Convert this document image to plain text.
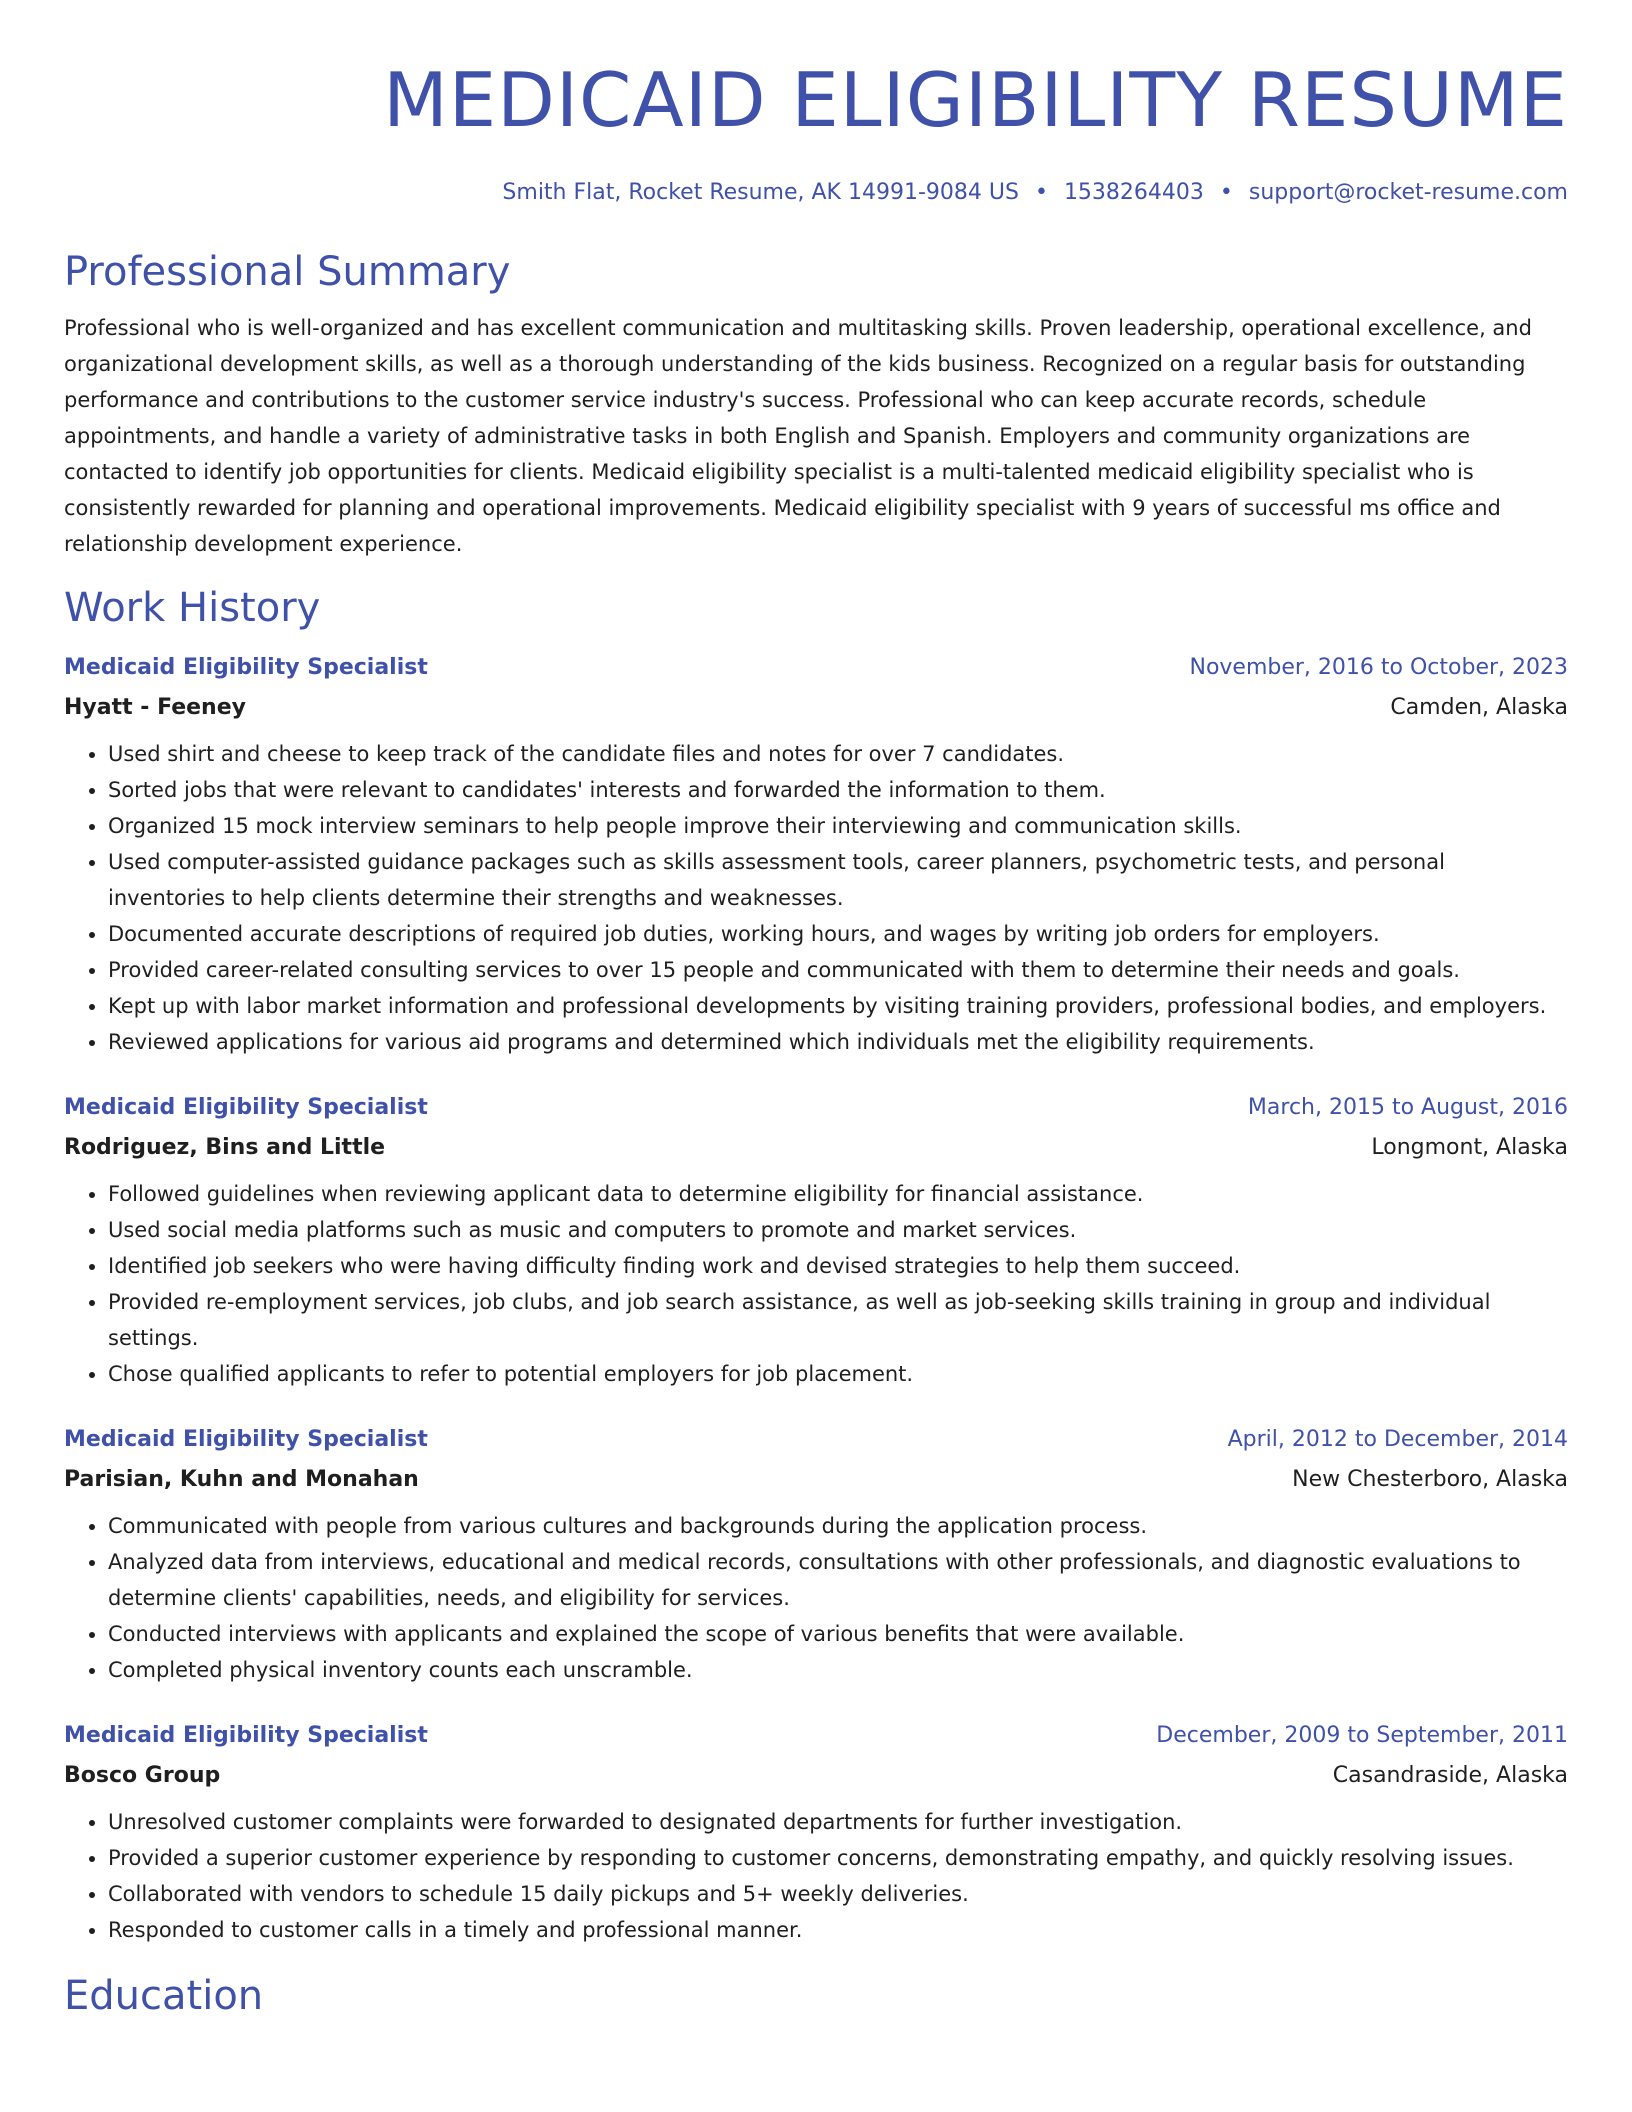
MEDICAID ELIGIBILITY RESUME
Smith Flat, Rocket Resume, AK 14991-9084 US • 1538264403 • support@rocket-resume.com
Professional Summary
Professional who is well-organized and has excellent communication and multitasking skills. Proven leadership, operational excellence, and organizational development skills, as well as a thorough understanding of the kids business. Recognized on a regular basis for outstanding performance and contributions to the customer service industry's success. Professional who can keep accurate records, schedule appointments, and handle a variety of administrative tasks in both English and Spanish. Employers and community organizations are contacted to identify job opportunities for clients. Medicaid eligibility specialist is a multi-talented medicaid eligibility specialist who is consistently rewarded for planning and operational improvements. Medicaid eligibility specialist with 9 years of successful ms office and relationship development experience.
Work History
Medicaid Eligibility Specialist	November, 2016 to October, 2023
Hyatt - Feeney	Camden, Alaska
• Used shirt and cheese to keep track of the candidate files and notes for over 7 candidates.
• Sorted jobs that were relevant to candidates' interests and forwarded the information to them.
• Organized 15 mock interview seminars to help people improve their interviewing and communication skills.
• Used computer-assisted guidance packages such as skills assessment tools, career planners, psychometric tests, and personal inventories to help clients determine their strengths and weaknesses.
• Documented accurate descriptions of required job duties, working hours, and wages by writing job orders for employers.
• Provided career-related consulting services to over 15 people and communicated with them to determine their needs and goals.
• Kept up with labor market information and professional developments by visiting training providers, professional bodies, and employers.
• Reviewed applications for various aid programs and determined which individuals met the eligibility requirements.
Medicaid Eligibility Specialist	March, 2015 to August, 2016
Rodriguez, Bins and Little	Longmont, Alaska
• Followed guidelines when reviewing applicant data to determine eligibility for financial assistance.
• Used social media platforms such as music and computers to promote and market services.
• Identified job seekers who were having difficulty finding work and devised strategies to help them succeed.
• Provided re-employment services, job clubs, and job search assistance, as well as job-seeking skills training in group and individual settings.
• Chose qualified applicants to refer to potential employers for job placement.
Medicaid Eligibility Specialist	April, 2012 to December, 2014
Parisian, Kuhn and Monahan	New Chesterboro, Alaska
• Communicated with people from various cultures and backgrounds during the application process.
• Analyzed data from interviews, educational and medical records, consultations with other professionals, and diagnostic evaluations to determine clients' capabilities, needs, and eligibility for services.
• Conducted interviews with applicants and explained the scope of various benefits that were available.
• Completed physical inventory counts each unscramble.
Medicaid Eligibility Specialist	December, 2009 to September, 2011
Bosco Group	Casandraside, Alaska
• Unresolved customer complaints were forwarded to designated departments for further investigation.
• Provided a superior customer experience by responding to customer concerns, demonstrating empathy, and quickly resolving issues.
• Collaborated with vendors to schedule 15 daily pickups and 5+ weekly deliveries.
• Responded to customer calls in a timely and professional manner.
Education
